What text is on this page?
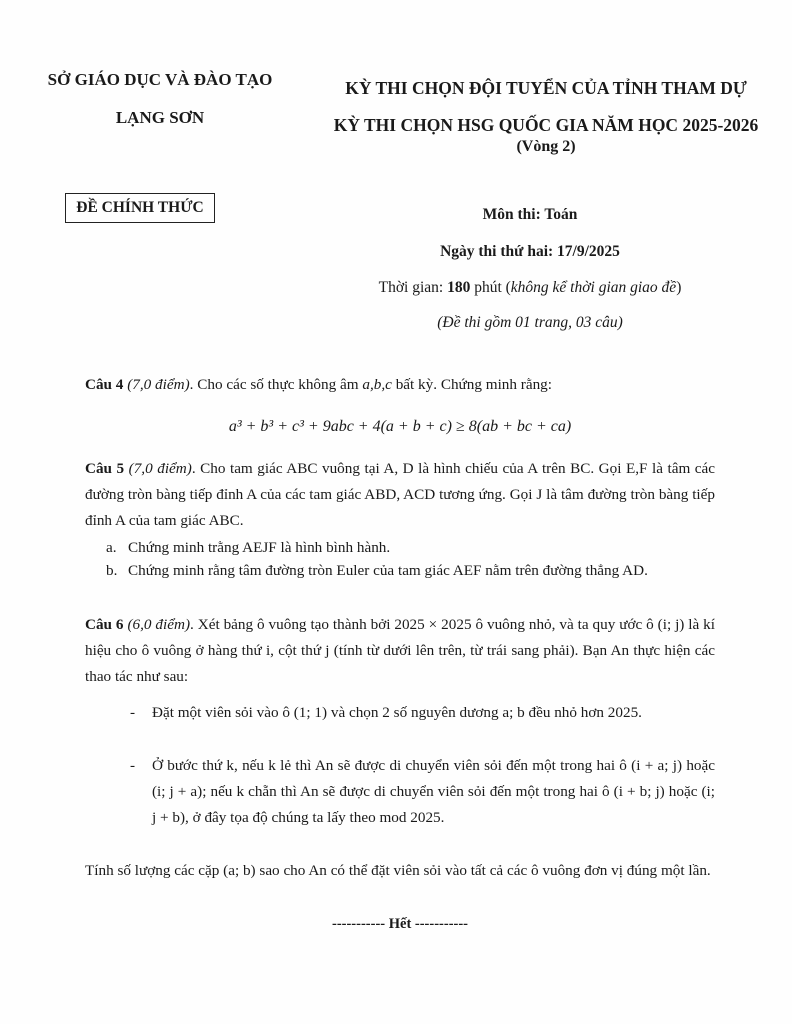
SỞ GIÁO DỤC VÀ ĐÀO TẠO
LẠNG SƠN
ĐỀ CHÍNH THỨC
KỲ THI CHỌN ĐỘI TUYỂN CỦA TỈNH THAM DỰ
KỲ THI CHỌN HSG QUỐC GIA NĂM HỌC 2025-2026
(Vòng 2)
Môn thi: Toán
Ngày thi thứ hai: 17/9/2025
Thời gian: 180 phút (không kể thời gian giao đề)
(Đề thi gồm 01 trang, 03 câu)
Câu 4 (7,0 điểm). Cho các số thực không âm a,b,c bất kỳ. Chứng minh rằng:
a³ + b³ + c³ + 9abc + 4(a + b + c) ≥ 8(ab + bc + ca)
Câu 5 (7,0 điểm). Cho tam giác ABC vuông tại A, D là hình chiếu của A trên BC. Gọi E,F là tâm các đường tròn bàng tiếp đỉnh A của các tam giác ABD, ACD tương ứng. Gọi J là tâm đường tròn bàng tiếp đỉnh A của tam giác ABC.
a. Chứng minh trằng AEJF là hình bình hành.
b. Chứng minh rằng tâm đường tròn Euler của tam giác AEF nằm trên đường thẳng AD.
Câu 6 (6,0 điểm). Xét bảng ô vuông tạo thành bởi 2025 × 2025 ô vuông nhỏ, và ta quy ước ô (i; j) là kí hiệu cho ô vuông ở hàng thứ i, cột thứ j (tính từ dưới lên trên, từ trái sang phải). Bạn An thực hiện các thao tác như sau:
- Đặt một viên sỏi vào ô (1; 1) và chọn 2 số nguyên dương a; b đều nhỏ hơn 2025.
- Ở bước thứ k, nếu k lẻ thì An sẽ được di chuyển viên sỏi đến một trong hai ô (i + a; j) hoặc (i; j + a); nếu k chẵn thì An sẽ được di chuyển viên sỏi đến một trong hai ô (i + b; j) hoặc (i; j + b), ở đây tọa độ chúng ta lấy theo mod 2025.
Tính số lượng các cặp (a; b) sao cho An có thể đặt viên sỏi vào tất cả các ô vuông đơn vị đúng một lần.
----------- Hết -----------
